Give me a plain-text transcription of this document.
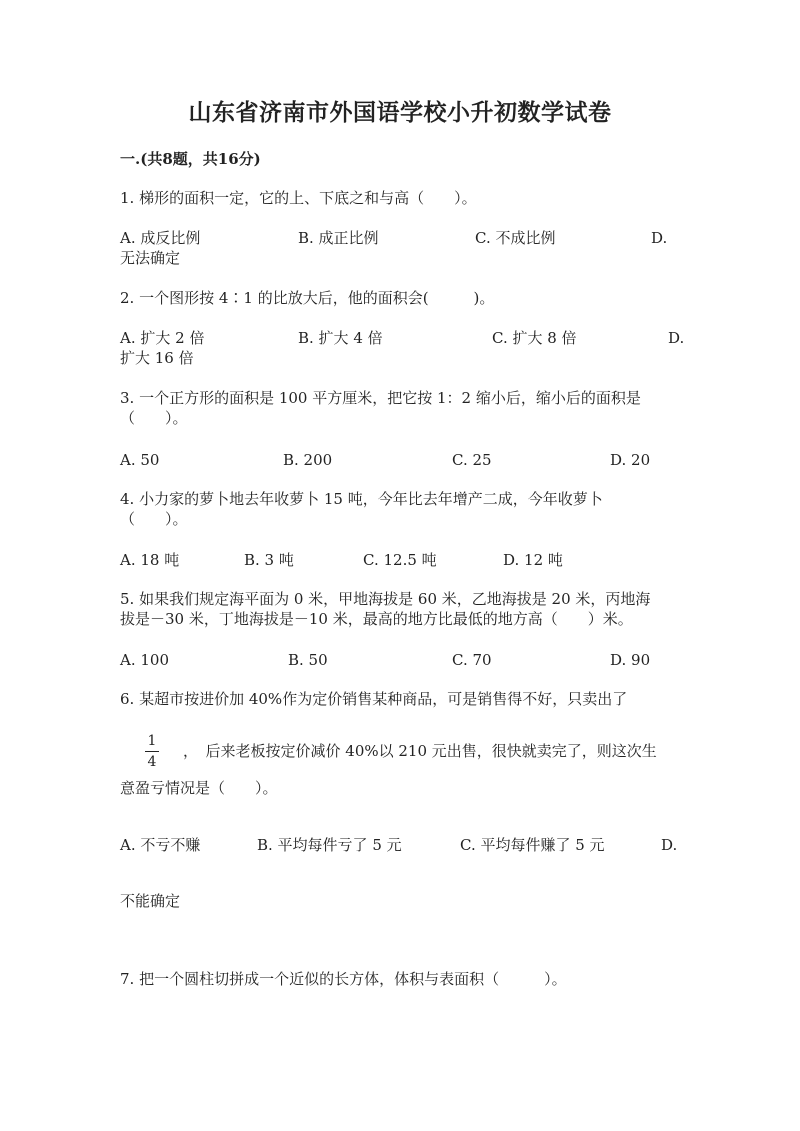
山东省济南市外国语学校小升初数学试卷
一.(共8题，共16分)
1. 梯形的面积一定，它的上、下底之和与高（　　）。
A. 成反比例	B. 成正比例	C. 不成比例	D.
无法确定
2. 一个图形按 4∶1 的比放大后，他的面积会(　　　)。
A. 扩大 2 倍	B. 扩大 4 倍	C. 扩大 8 倍	D.
扩大 16 倍
3. 一个正方形的面积是 100 平方厘米，把它按 1：2 缩小后，缩小后的面积是
（　　）。
A. 50	B. 200	C. 25	D. 20
4. 小力家的萝卜地去年收萝卜 15 吨，今年比去年增产二成，今年收萝卜
（　　）。
A. 18 吨	B. 3 吨	C. 12.5 吨	D. 12 吨
5. 如果我们规定海平面为 0 米，甲地海拔是 60 米，乙地海拔是 20 米，丙地海
拔是－30 米，丁地海拔是－10 米，最高的地方比最低的地方高（　　）米。
A. 100	B. 50	C. 70	D. 90
6. 某超市按进价加 40%作为定价销售某种商品，可是销售得不好，只卖出了
1
4
，　后来老板按定价减价 40%以 210 元出售，很快就卖完了，则这次生
意盈亏情况是（　　）。
A. 不亏不赚	B. 平均每件亏了 5 元	C. 平均每件赚了 5 元	D.
不能确定
7. 把一个圆柱切拼成一个近似的长方体，体积与表面积（　　　）。
